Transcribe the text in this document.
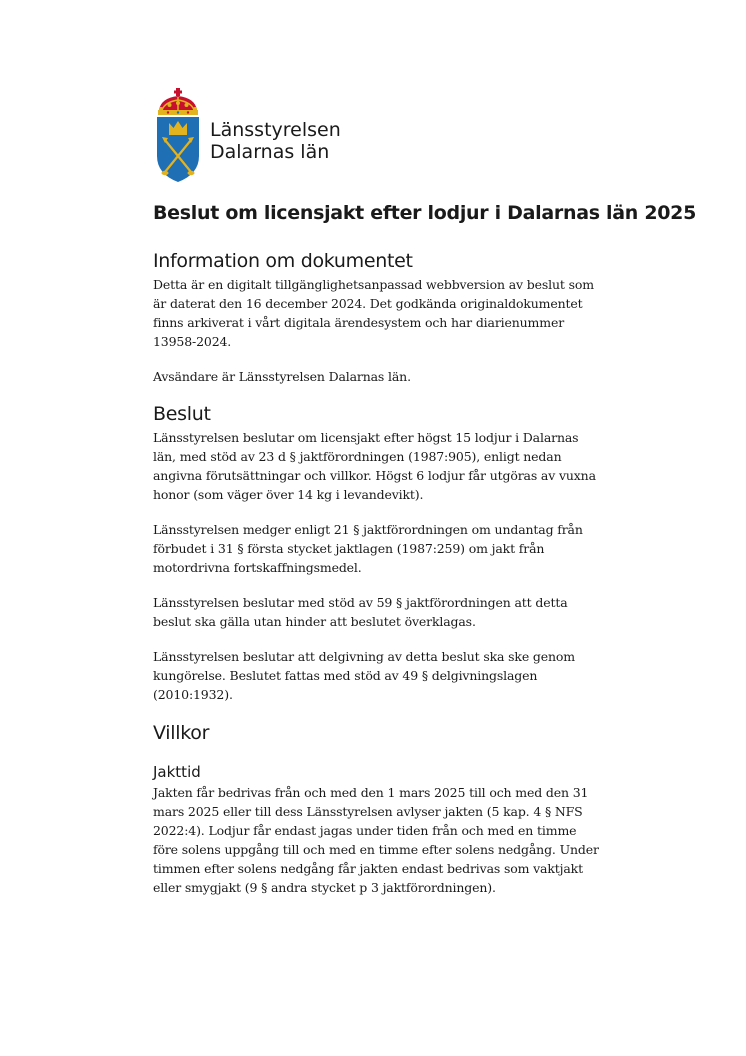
Länsstyrelsen
Dalarnas län
Beslut om licensjakt efter lodjur i Dalarnas län 2025
Information om dokumentet

Detta är en digitalt tillgänglighetsanpassad webbversion av beslut som är daterat den 16 december 2024. Det godkända originaldokumentet finns arkiverat i vårt digitala ärendesystem och har diarienummer 13958-2024.

Avsändare är Länsstyrelsen Dalarnas län.

Beslut

Länsstyrelsen beslutar om licensjakt efter högst 15 lodjur i Dalarnas län, med stöd av 23 d § jaktförordningen (1987:905), enligt nedan angivna förutsättningar och villkor. Högst 6 lodjur får utgöras av vuxna honor (som väger över 14 kg i levandevikt).

Länsstyrelsen medger enligt 21 § jaktförordningen om undantag från förbudet i 31 § första stycket jaktlagen (1987:259) om jakt från motordrivna fortskaffningsmedel.

Länsstyrelsen beslutar med stöd av 59 § jaktförordningen att detta beslut ska gälla utan hinder att beslutet överklagas.

Länsstyrelsen beslutar att delgivning av detta beslut ska ske genom kungörelse. Beslutet fattas med stöd av 49 § delgivningslagen (2010:1932).

Villkor
Jakttid

Jakten får bedrivas från och med den 1 mars 2025 till och med den 31 mars 2025 eller till dess Länsstyrelsen avlyser jakten (5 kap. 4 § NFS 2022:4). Lodjur får endast jagas under tiden från och med en timme före solens uppgång till och med en timme efter solens nedgång. Under timmen efter solens nedgång får jakten endast bedrivas som vaktjakt eller smygjakt (9 § andra stycket p 3 jaktförordningen).
